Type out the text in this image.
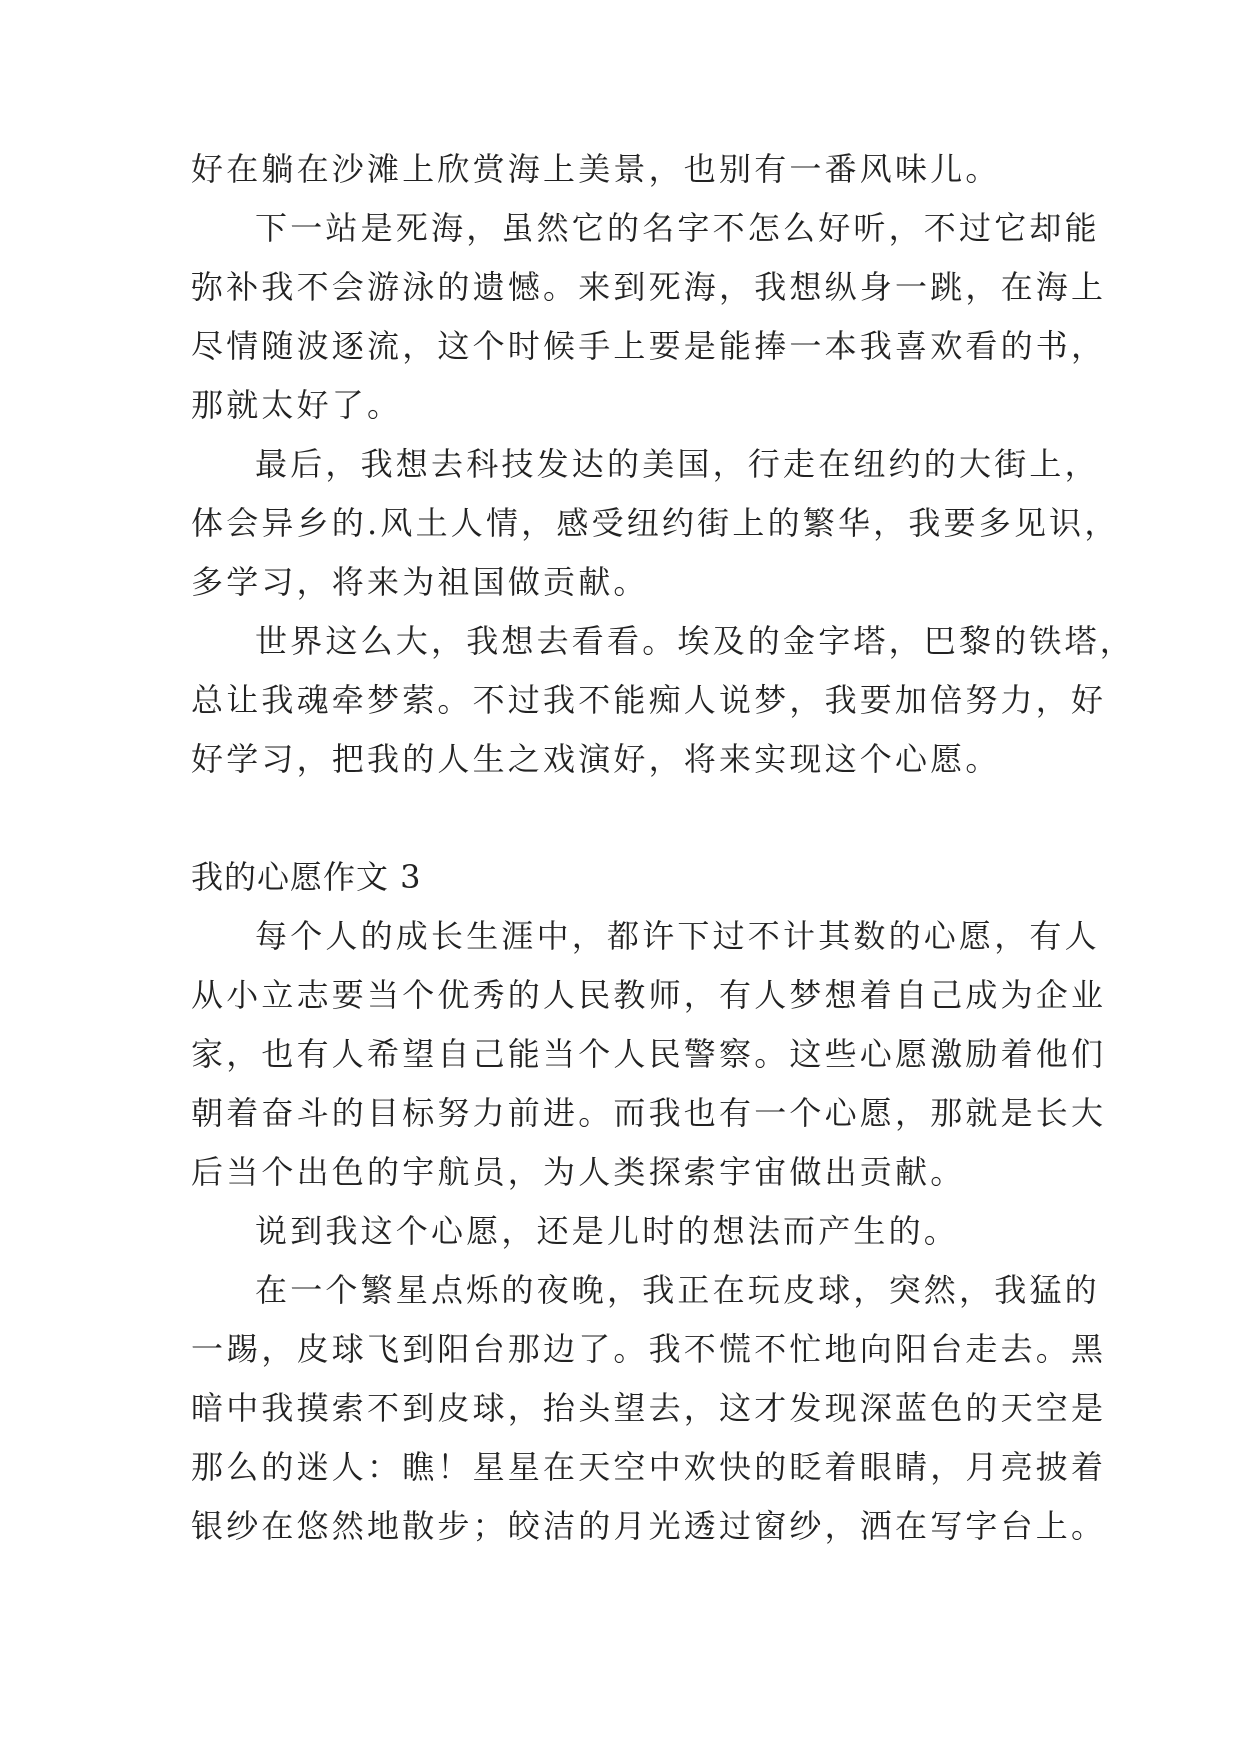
好在躺在沙滩上欣赏海上美景，也别有一番风味儿。

下一站是死海，虽然它的名字不怎么好听，不过它却能

弥补我不会游泳的遗憾。来到死海，我想纵身一跳，在海上

尽情随波逐流，这个时候手上要是能捧一本我喜欢看的书，

那就太好了。

最后，我想去科技发达的美国，行走在纽约的大街上，

体会异乡的.风土人情，感受纽约街上的繁华，我要多见识，

多学习，将来为祖国做贡献。

世界这么大，我想去看看。埃及的金字塔，巴黎的铁塔，

总让我魂牵梦萦。不过我不能痴人说梦，我要加倍努力，好

好学习，把我的人生之戏演好，将来实现这个心愿。

我的心愿作文 3

每个人的成长生涯中，都许下过不计其数的心愿，有人

从小立志要当个优秀的人民教师，有人梦想着自己成为企业

家，也有人希望自己能当个人民警察。这些心愿激励着他们

朝着奋斗的目标努力前进。而我也有一个心愿，那就是长大

后当个出色的宇航员，为人类探索宇宙做出贡献。

说到我这个心愿，还是儿时的想法而产生的。

在一个繁星点烁的夜晚，我正在玩皮球，突然，我猛的

一踢，皮球飞到阳台那边了。我不慌不忙地向阳台走去。黑

暗中我摸索不到皮球，抬头望去，这才发现深蓝色的天空是

那么的迷人：瞧！星星在天空中欢快的眨着眼睛，月亮披着

银纱在悠然地散步；皎洁的月光透过窗纱，洒在写字台上。
